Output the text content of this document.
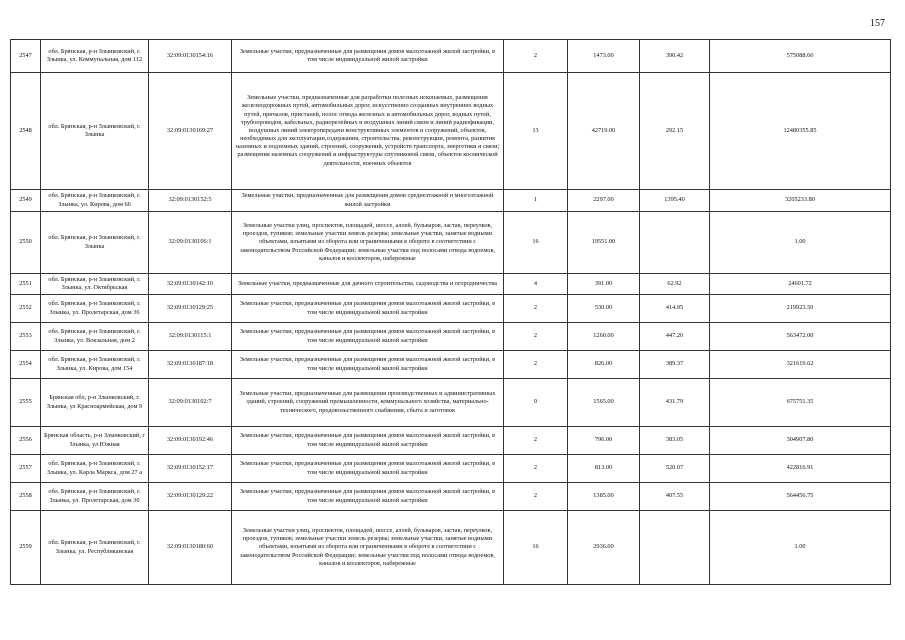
157
2547	обл. Брянская, р-н Злынковский, г. Злынка, ул. Коммунальная, дом 112	32:09:0130154:16	Земельные участки, предназначенные для размещения домов малоэтажной жилой застройки, в том числе индивидуальной жилой застройки	2	1473.00	390.42	575088.66
2548	обл. Брянская, р-н Злынковский, г. Злынка	32:09:0130169:27	Земельные участки, предназначенные для разработки полезных ископаемых, размещения железнодорожных путей, автомобильных дорог, искусственно созданных внутренних водных путей, причалов, пристаней, полос отвода железных и автомобильных дорог, водных путей, трубопроводов, кабельных, радиорелейных и воздушных линий связи и линий радиофикации, воздушных линий электропередачи конструктивных элементов и сооружений, объектов, необходимых для эксплуатации,содержания, строительства, реконструкции, ремонта, развития наземных и подземных зданий, строений, сооружений, устройств транспорта, энергетики и связи; размещения наземных сооружений и инфраструктуры спутниковой связи, объектов космической деятельности, военных объектов	13	42719.00	292.15	12480355.85
2549	обл. Брянская, р-н Злынковский, г. Злынка, ул. Кирова, дом 66	32:09:0130152:5	Земельные участки, предназначенные для размещения домов среднеэтажной и многоэтажной жилой застройки	1	2297.00	1395.40	3205233.80
2550	обл. Брянская, р-н Злынковский, г. Злынка	32:09:0130106:1	Земельные участки улиц, проспектов, площадей, шоссе, аллей, бульваров, застав, переулков, проездов, тупиков; земельные участки земель резерва; земельные участки, занятые водными объектами, изъятыми из оборота или ограниченными в обороте в соответствии с законодательством Российской Федерации; земельные участки под полосами отвода водоемов, каналов и коллекторов, набережные	16	19551.00		1.00
2551	обл. Брянская, р-н Злынковский, г. Злынка, ул. Октябрьская	32:09:0130142:10	Земельные участки, предназначенные для дачного строительства, садоводства и огородничества	4	391.00	62.92	24601.72
2552	обл. Брянская, р-н Злынковский, г. Злынка, ул. Пролетарская, дом 36	32:09:0130129:25	Земельные участки, предназначенные для размещения домов малоэтажной жилой застройки, в том числе индивидуальной жилой застройки	2	530.00	414.95	219923.50
2553	обл. Брянская, р-н Злынковский, г. Злынка, ул. Вокзальная, дом 2	32:09:0130115:1	Земельные участки, предназначенные для размещения домов малоэтажной жилой застройки, в том числе индивидуальной жилой застройки	2	1260.00	447.20	563472.00
2554	обл. Брянская, р-н Злынковский, г. Злынка, ул. Кирова, дом 154	32:09:0130187:18	Земельные участки, предназначенные для размещения домов малоэтажной жилой застройки, в том числе индивидуальной жилой застройки	2	826.00	389.37	321619.62
2555	Брянская обл, р-н Злынковский, г. Злынка, ул Красноармейская, дом 9	32:09:0130102:7	Земельные участки, предназначенные для размещения производственных и административных зданий, строений, сооружений промышленности, коммунального хозяйства, материально-технического, продовольственного снабжения, сбыта и заготовок	9	1565.00	431.79	675751.35
2556	Брянская область, р-н Злынковский, г Злынка, ул Южная	32:09:0130192:46	Земельные участки, предназначенные для размещения домов малоэтажной жилой застройки, в том числе индивидуальной жилой застройки	2	796.00	383.05	304907.80
2557	обл. Брянская, р-н Злынковский, г. Злынка, ул. Карла Маркса, дом 27 а	32:09:0130152:17	Земельные участки, предназначенные для размещения домов малоэтажной жилой застройки, в том числе индивидуальной жилой застройки	2	813.00	520.07	422816.91
2558	обл. Брянская, р-н Злынковский, г. Злынка, ул. Пролетарская, дом 30	32:09:0130129:22	Земельные участки, предназначенные для размещения домов малоэтажной жилой застройки, в том числе индивидуальной жилой застройки	2	1385.00	407.55	564456.75
2559	обл. Брянская, р-н Злынковский, г. Злынка, ул. Республиканская	32:09:0130180:60	Земельные участки улиц, проспектов, площадей, шоссе, аллей, бульваров, застав, переулков, проездов, тупиков; земельные участки земель резерва; земельные участки, занятые водными объектами, изъятыми из оборота или ограниченными в обороте в соответствии с законодательством Российской Федерации; земельные участки под полосами отвода водоемов, каналов и коллекторов, набережные	16	2936.00		1.00
